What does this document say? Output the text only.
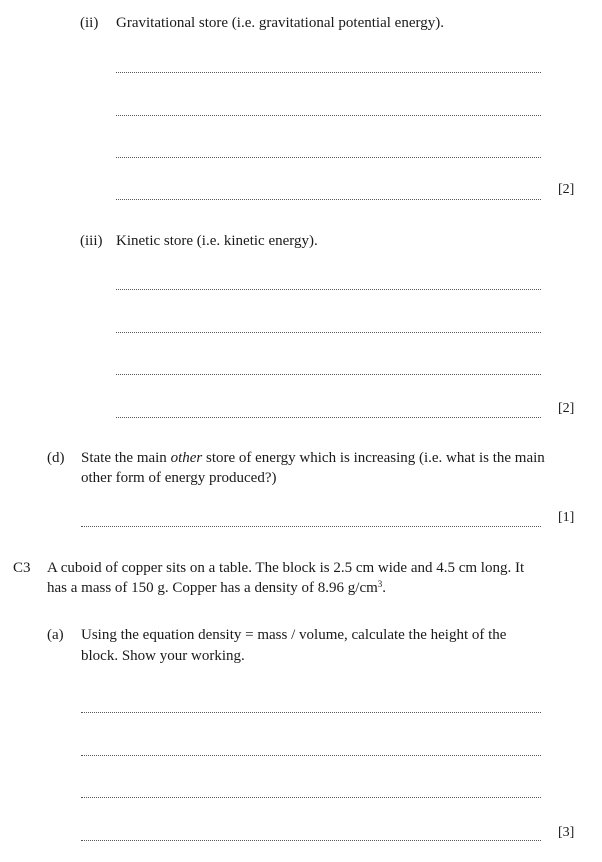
(ii) Gravitational store (i.e. gravitational potential energy).
[2]
(iii) Kinetic store (i.e. kinetic energy).
[2]
(d) State the main other store of energy which is increasing (i.e. what is the main
other form of energy produced?)
[1]
C3 A cuboid of copper sits on a table. The block is 2.5 cm wide and 4.5 cm long. It
has a mass of 150 g. Copper has a density of 8.96 $g/cm^3$.
(a) Using the equation density = mass / volume, calculate the height of the
block. Show your working.
[3]
